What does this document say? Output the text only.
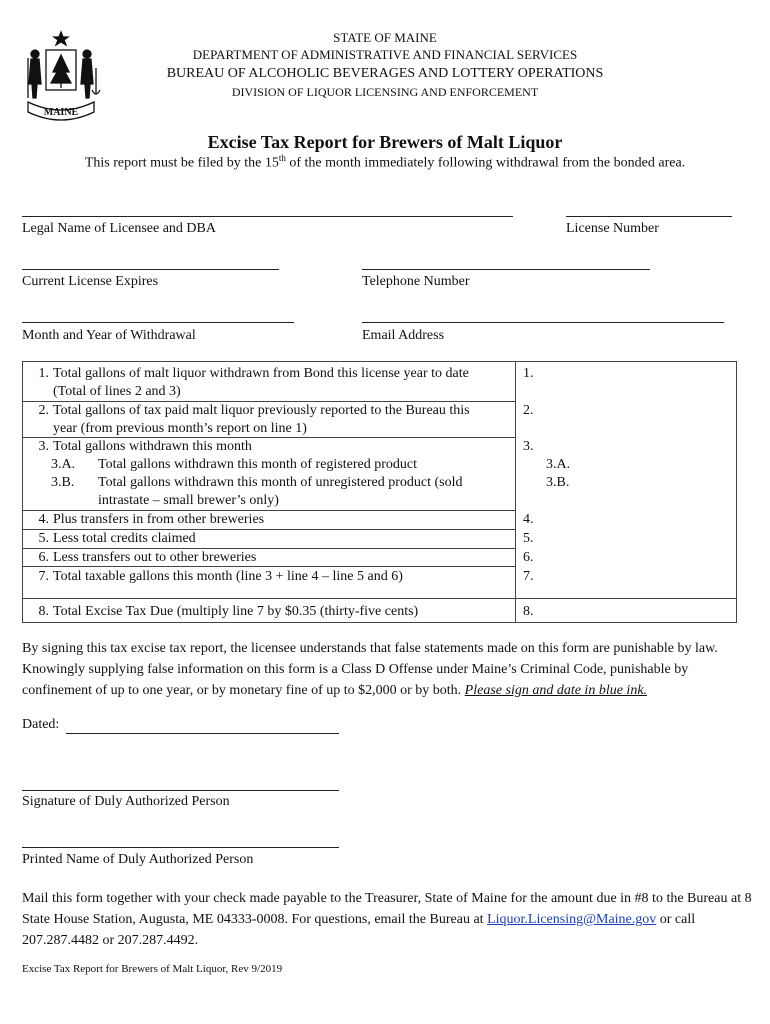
MAINE
STATE OF MAINE
DEPARTMENT OF ADMINISTRATIVE AND FINANCIAL SERVICES
BUREAU OF ALCOHOLIC BEVERAGES AND LOTTERY OPERATIONS
DIVISION OF LIQUOR LICENSING AND ENFORCEMENT
Excise Tax Report for Brewers of Malt Liquor
This report must be filed by the 15th of the month immediately following withdrawal from the bonded area.
Legal Name of Licensee and DBA	License Number
Current License Expires	Telephone Number
Month and Year of Withdrawal	Email Address
1. Total gallons of malt liquor withdrawn from Bond this license year to date
(Total of lines 2 and 3)
1.
2. Total gallons of tax paid malt liquor previously reported to the Bureau this
year (from previous month’s report on line 1)
2.
3. Total gallons withdrawn this month	3.
3.A. Total gallons withdrawn this month of registered product	3.A.
3.B. Total gallons withdrawn this month of unregistered product (sold
intrastate – small brewer’s only)
3.B.
4. Plus transfers in from other breweries	4.
5. Less total credits claimed	5.
6. Less transfers out to other breweries	6.
7. Total taxable gallons this month (line 3 + line 4 – line 5 and 6)	7.
8. Total Excise Tax Due (multiply line 7 by $0.35 (thirty-five cents)	8.
By signing this tax excise tax report, the licensee understands that false statements made on this form are punishable by law. Knowingly supplying false information on this form is a Class D Offense under Maine’s Criminal Code, punishable by confinement of up to one year, or by monetary fine of up to $2,000 or by both. Please sign and date in blue ink.
Dated:
Signature of Duly Authorized Person
Printed Name of Duly Authorized Person
Mail this form together with your check made payable to the Treasurer, State of Maine for the amount due in #8 to the Bureau at 8 State House Station, Augusta, ME 04333-0008. For questions, email the Bureau at Liquor.Licensing@Maine.gov or call 207.287.4482 or 207.287.4492.
Excise Tax Report for Brewers of Malt Liquor, Rev 9/2019
